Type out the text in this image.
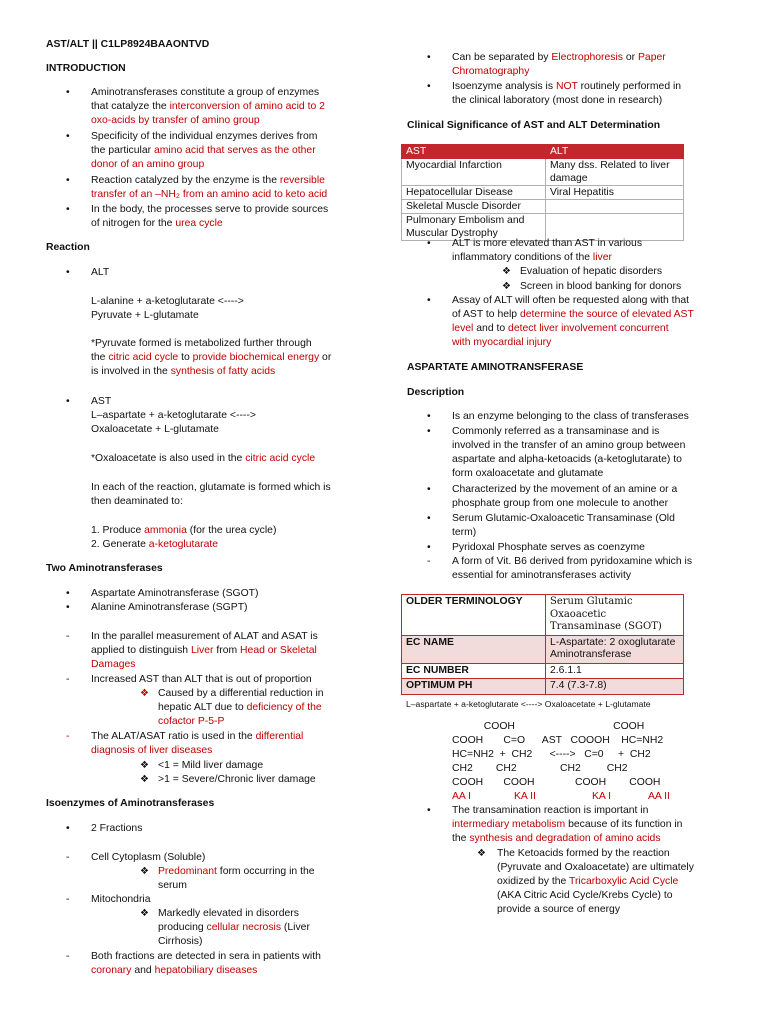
AST/ALT || C1LP8924BAAONTVD
INTRODUCTION
• Aminotransferases constitute a group of enzymes
that catalyze the interconversion of amino acid to 2
oxo-acids by transfer of amino group
• Specificity of the individual enzymes derives from
the particular amino acid that serves as the other
donor of an amino group
• Reaction catalyzed by the enzyme is the reversible
transfer of an –NH₂ from an amino acid to keto acid
• In the body, the processes serve to provide sources
of nitrogen for the urea cycle
Reaction
• ALT
L-alanine + a-ketoglutarate <---->
Pyruvate + L-glutamate
*Pyruvate formed is metabolized further through
the citric acid cycle to provide biochemical energy or
is involved in the synthesis of fatty acids
• AST
L–aspartate + a-ketoglutarate <---->
Oxaloacetate + L-glutamate
*Oxaloacetate is also used in the citric acid cycle
In each of the reaction, glutamate is formed which is
then deaminated to:
1. Produce ammonia (for the urea cycle)
2. Generate a-ketoglutarate
Two Aminotransferases
• Aspartate Aminotransferase (SGOT)
• Alanine Aminotransferase (SGPT)
- In the parallel measurement of ALAT and ASAT is
applied to distinguish Liver from Head or Skeletal
Damages
- Increased AST than ALT that is out of proportion
❖ Caused by a differential reduction in
hepatic ALT due to deficiency of the
cofactor P-5-P
- The ALAT/ASAT ratio is used in the differential
diagnosis of liver diseases
❖ <1 = Mild liver damage
❖ >1 = Severe/Chronic liver damage
Isoenzymes of Aminotransferases
• 2 Fractions
- Cell Cytoplasm (Soluble)
❖ Predominant form occurring in the
serum
- Mitochondria
❖ Markedly elevated in disorders
producing cellular necrosis (Liver
Cirrhosis)
- Both fractions are detected in sera in patients with
coronary and hepatobiliary diseases
• Can be separated by Electrophoresis or Paper
Chromatography
• Isoenzyme analysis is NOT routinely performed in
the clinical laboratory (most done in research)
Clinical Significance of AST and ALT Determination
AST	ALT
Myocardial Infarction	Many dss. Related to liver damage
Hepatocellular Disease	Viral Hepatitis
Skeletal Muscle Disorder	
Pulmonary Embolism and Muscular Dystrophy	
• ALT is more elevated than AST in various
inflammatory conditions of the liver
❖ Evaluation of hepatic disorders
❖ Screen in blood banking for donors
• Assay of ALT will often be requested along with that
of AST to help determine the source of elevated AST
level and to detect liver involvement concurrent
with myocardial injury
ASPARTATE AMINOTRANSFERASE
Description
• Is an enzyme belonging to the class of transferases
• Commonly referred as a transaminase and is
involved in the transfer of an amino group between
aspartate and alpha-ketoacids (a-ketoglutarate) to
form oxaloacetate and glutamate
• Characterized by the movement of an amine or a
phosphate group from one molecule to another
• Serum Glutamic-Oxaloacetic Transaminase (Old
term)
• Pyridoxal Phosphate serves as coenzyme
- A form of Vit. B6 derived from pyridoxamine which is
essential for aminotransferases activity
OLDER TERMINOLOGY	Serum Glutamic Oxaoacetic Transaminase (SGOT)
EC NAME	L-Aspartate: 2 oxoglutarate Aminotransferase
EC NUMBER	2.6.1.1
OPTIMUM PH	7.4 (7.3-7.8)
L–aspartate + a-ketoglutarate <----> Oxaloacetate + L-glutamate
COOH                                  COOH
COOH       C=O      AST   COOOH    HC=NH2
HC=NH2  +  CH2      <---->   C=0     +  CH2
CH2        CH2               CH2         CH2
COOH       COOH              COOH        COOH
AA I	KA II	KA I	AA II
• The transamination reaction is important in
intermediary metabolism because of its function in
the synthesis and degradation of amino acids
❖ The Ketoacids formed by the reaction
(Pyruvate and Oxaloacetate) are ultimately
oxidized by the Tricarboxylic Acid Cycle
(AKA Citric Acid Cycle/Krebs Cycle) to
provide a source of energy
